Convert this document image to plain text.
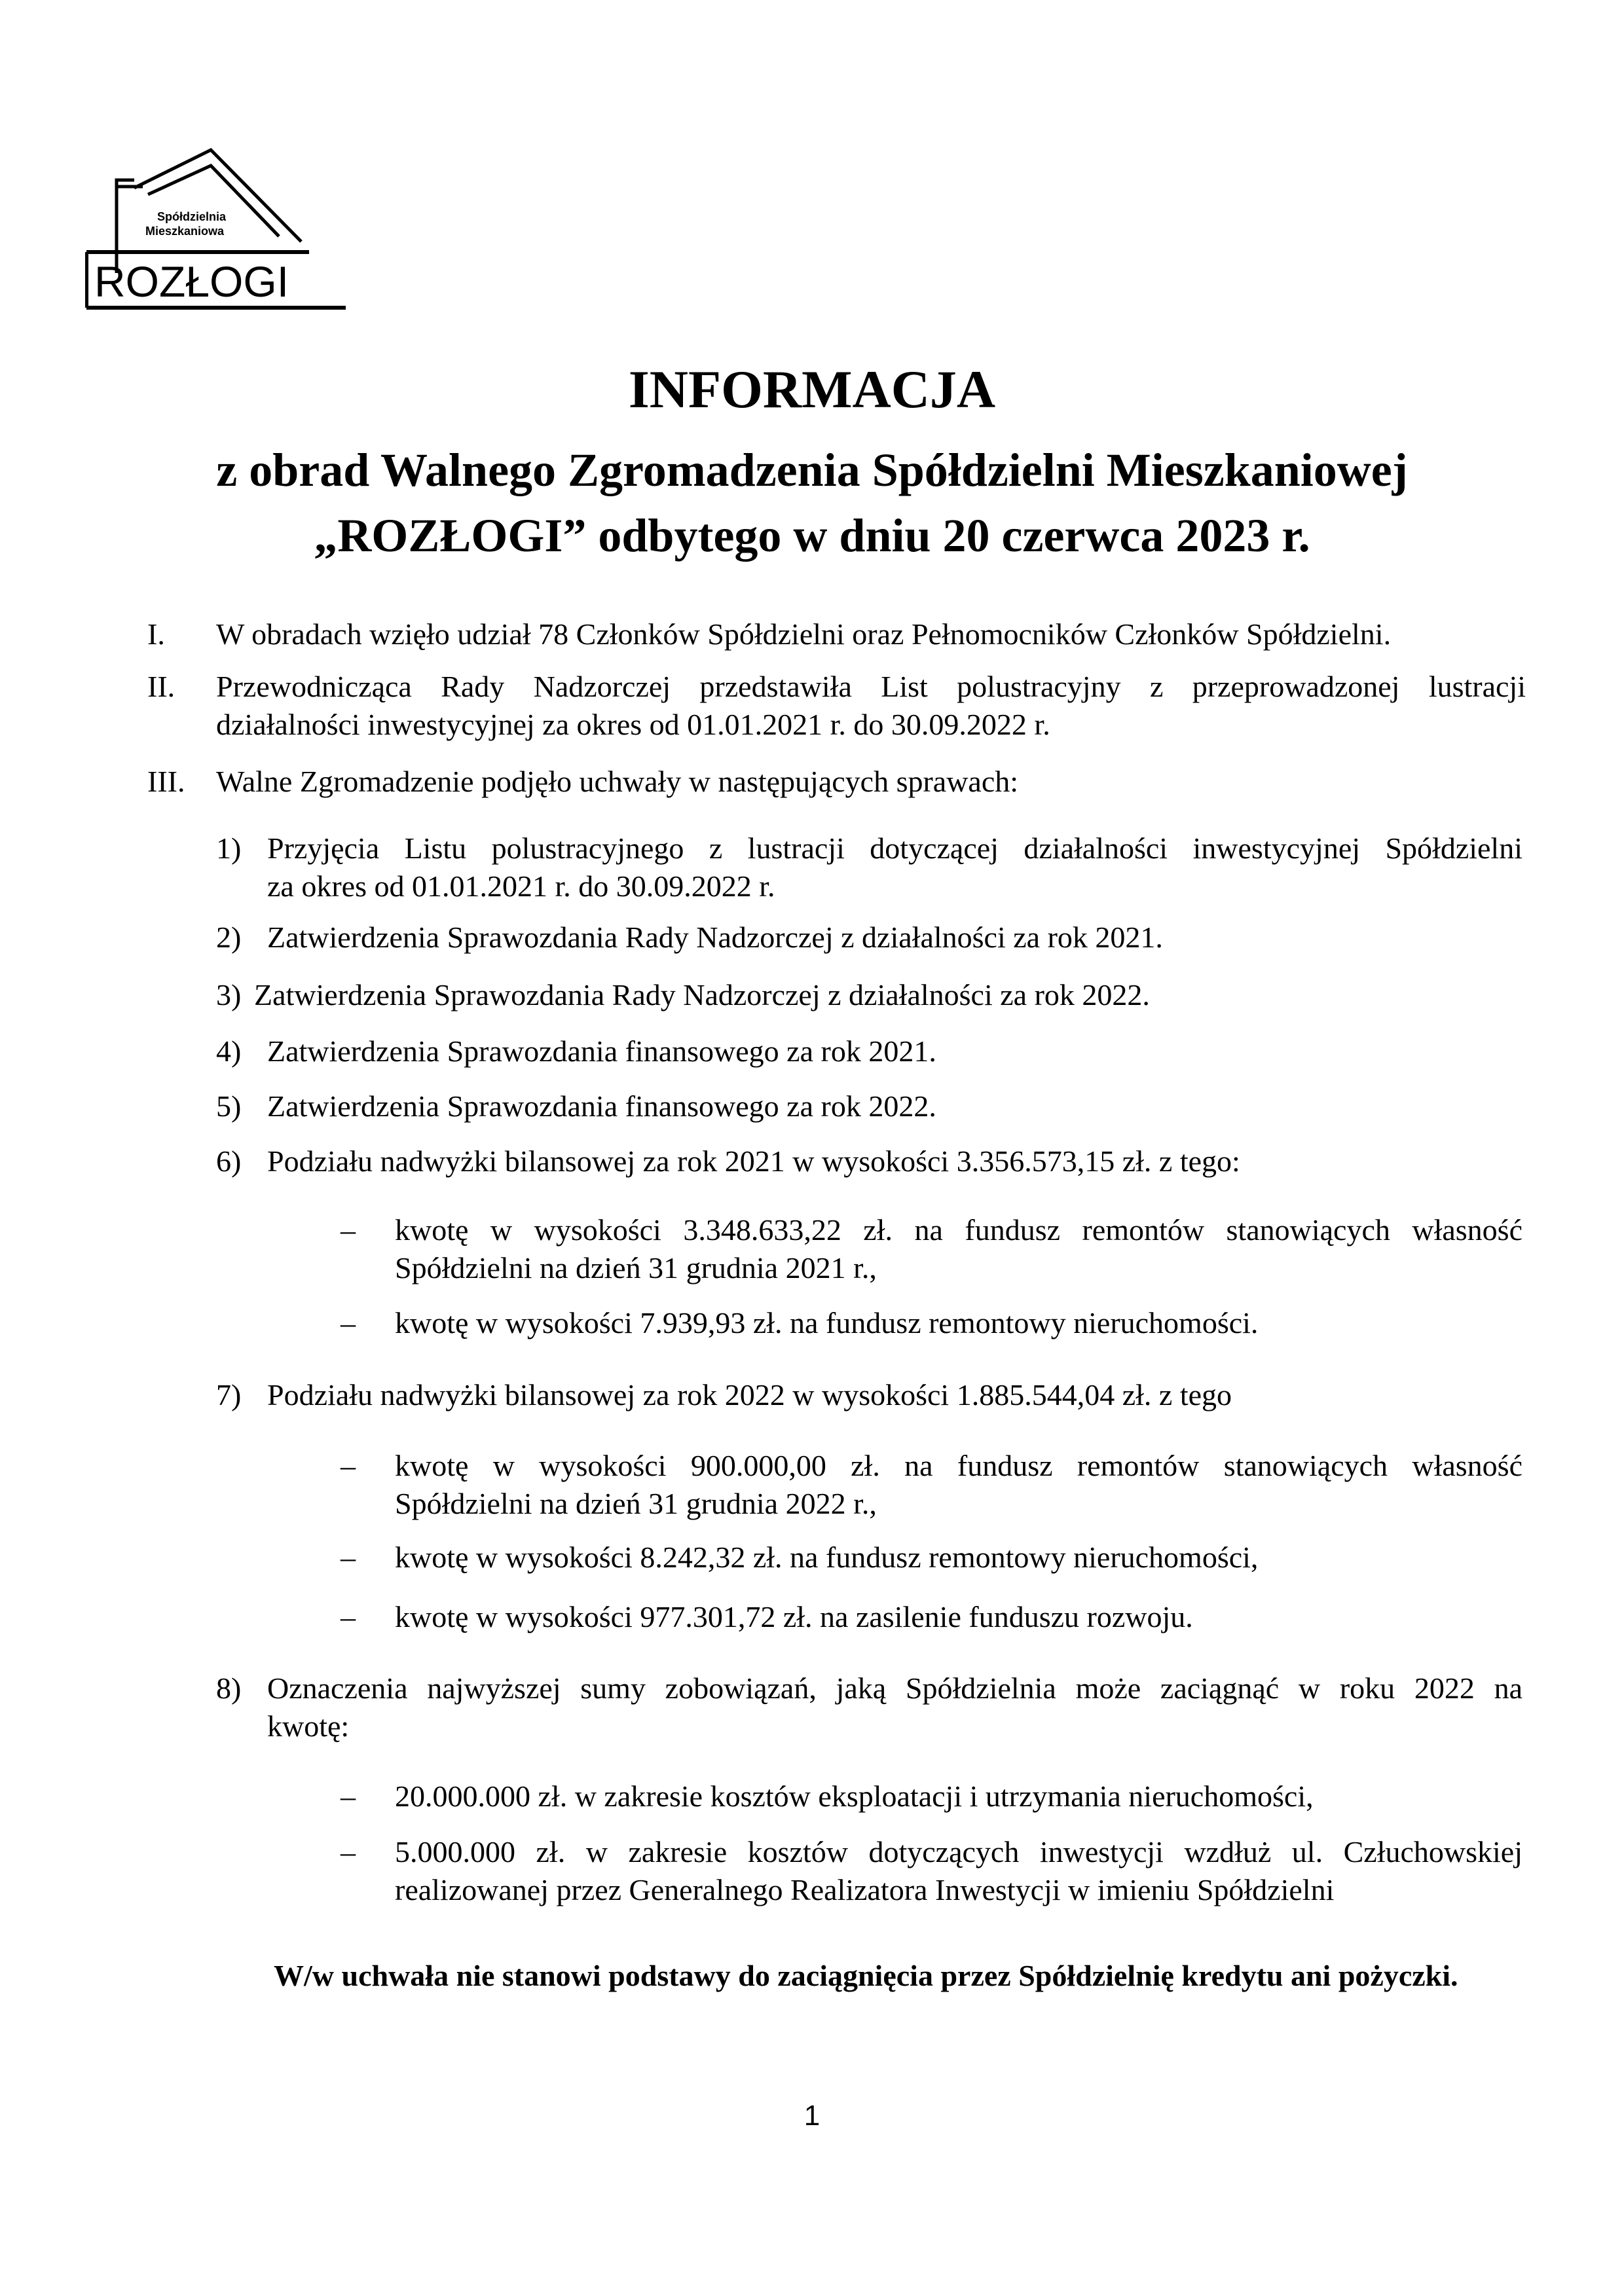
Spółdzielnia
Mieszkaniowa
ROZŁOGI
INFORMACJA
z obrad Walnego Zgromadzenia Spółdzielni Mieszkaniowej
„ROZŁOGI” odbytego w dniu 20 czerwca 2023 r.
I. W obradach wzięło udział 78 Członków Spółdzielni oraz Pełnomocników Członków Spółdzielni.
II. Przewodnicząca Rady Nadzorczej przedstawiła List polustracyjny z przeprowadzonej lustracji
działalności inwestycyjnej za okres od 01.01.2021 r. do 30.09.2022 r.
III. Walne Zgromadzenie podjęło uchwały w następujących sprawach:
1) Przyjęcia Listu polustracyjnego z lustracji dotyczącej działalności inwestycyjnej Spółdzielni
za okres od 01.01.2021 r. do 30.09.2022 r.
2) Zatwierdzenia Sprawozdania Rady Nadzorczej z działalności za rok 2021.
3) Zatwierdzenia Sprawozdania Rady Nadzorczej z działalności za rok 2022.
4) Zatwierdzenia Sprawozdania finansowego za rok 2021.
5) Zatwierdzenia Sprawozdania finansowego za rok 2022.
6) Podziału nadwyżki bilansowej za rok 2021 w wysokości 3.356.573,15 zł. z tego:
– kwotę w wysokości 3.348.633,22 zł. na fundusz remontów stanowiących własność
Spółdzielni na dzień 31 grudnia 2021 r.,
– kwotę w wysokości 7.939,93 zł. na fundusz remontowy nieruchomości.
7) Podziału nadwyżki bilansowej za rok 2022 w wysokości 1.885.544,04 zł. z tego
– kwotę w wysokości 900.000,00 zł. na fundusz remontów stanowiących własność
Spółdzielni na dzień 31 grudnia 2022 r.,
– kwotę w wysokości 8.242,32 zł. na fundusz remontowy nieruchomości,
– kwotę w wysokości 977.301,72 zł. na zasilenie funduszu rozwoju.
8) Oznaczenia najwyższej sumy zobowiązań, jaką Spółdzielnia może zaciągnąć w roku 2022 na
kwotę:
– 20.000.000 zł. w zakresie kosztów eksploatacji i utrzymania nieruchomości,
– 5.000.000 zł. w zakresie kosztów dotyczących inwestycji wzdłuż ul. Człuchowskiej
realizowanej przez Generalnego Realizatora Inwestycji w imieniu Spółdzielni
W/w uchwała nie stanowi podstawy do zaciągnięcia przez Spółdzielnię kredytu ani pożyczki.
1
